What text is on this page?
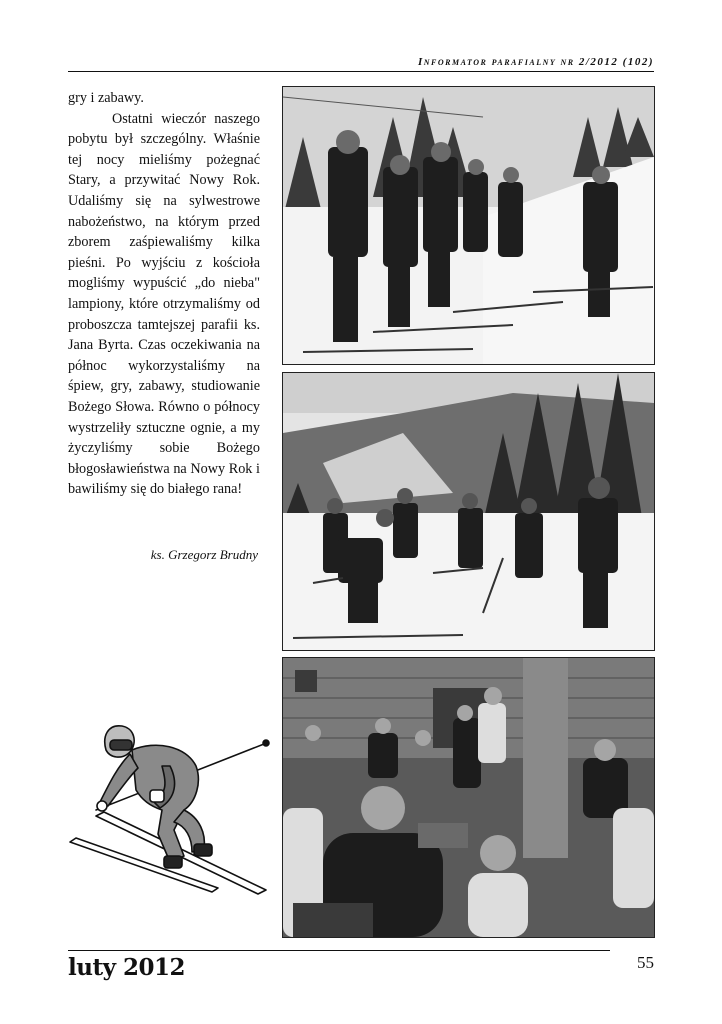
Informator parafialny nr 2/2012 (102)

gry i zabawy.

Ostatni wieczór naszego pobytu był szczególny. Właśnie tej nocy mieliśmy pożegnać Stary, a przywitać Nowy Rok. Udaliśmy się na sylwestrowe nabożeństwo, na którym przed zborem zaśpiewaliśmy kilka pieśni. Po wyjściu z kościoła mogliśmy wypuścić „do nieba" lampiony, które otrzymaliśmy od proboszcza tamtejszej parafii ks. Jana Byrta. Czas oczekiwania na północ wykorzystaliśmy na śpiew, gry, zabawy, studiowanie Bożego Słowa. Równo o północy wystrzeliły sztuczne ognie, a my życzyliśmy sobie Bożego błogosławieństwa na Nowy Rok i bawiliśmy się do białego rana!

ks. Grzegorz Brudny
luty 2012	55
